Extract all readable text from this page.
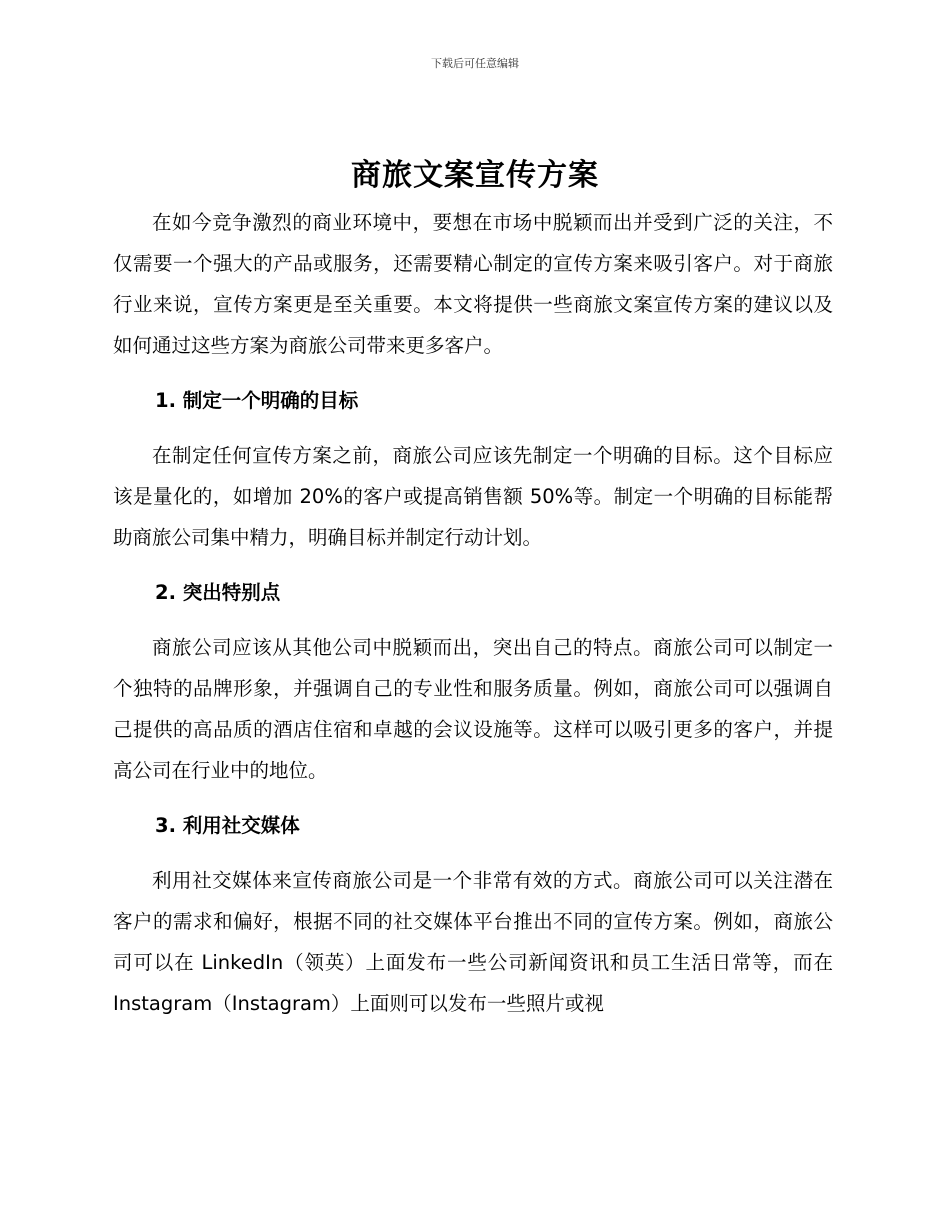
下载后可任意编辑
商旅文案宣传方案

在如今竞争激烈的商业环境中，要想在市场中脱颖而出并受到广泛的关注，不仅需要一个强大的产品或服务，还需要精心制定的宣传方案来吸引客户。对于商旅行业来说，宣传方案更是至关重要。本文将提供一些商旅文案宣传方案的建议以及如何通过这些方案为商旅公司带来更多客户。

1. 制定一个明确的目标

在制定任何宣传方案之前，商旅公司应该先制定一个明确的目标。这个目标应该是量化的，如增加 20%的客户或提高销售额 50%等。制定一个明确的目标能帮助商旅公司集中精力，明确目标并制定行动计划。

2. 突出特别点

商旅公司应该从其他公司中脱颖而出，突出自己的特点。商旅公司可以制定一个独特的品牌形象，并强调自己的专业性和服务质量。例如，商旅公司可以强调自己提供的高品质的酒店住宿和卓越的会议设施等。这样可以吸引更多的客户，并提高公司在行业中的地位。

3. 利用社交媒体

利用社交媒体来宣传商旅公司是一个非常有效的方式。商旅公司可以关注潜在客户的需求和偏好，根据不同的社交媒体平台推出不同的宣传方案。例如，商旅公司可以在 LinkedIn（领英）上面发布一些公司新闻资讯和员工生活日常等，而在 Instagram（Instagram）上面则可以发布一些照片或视
